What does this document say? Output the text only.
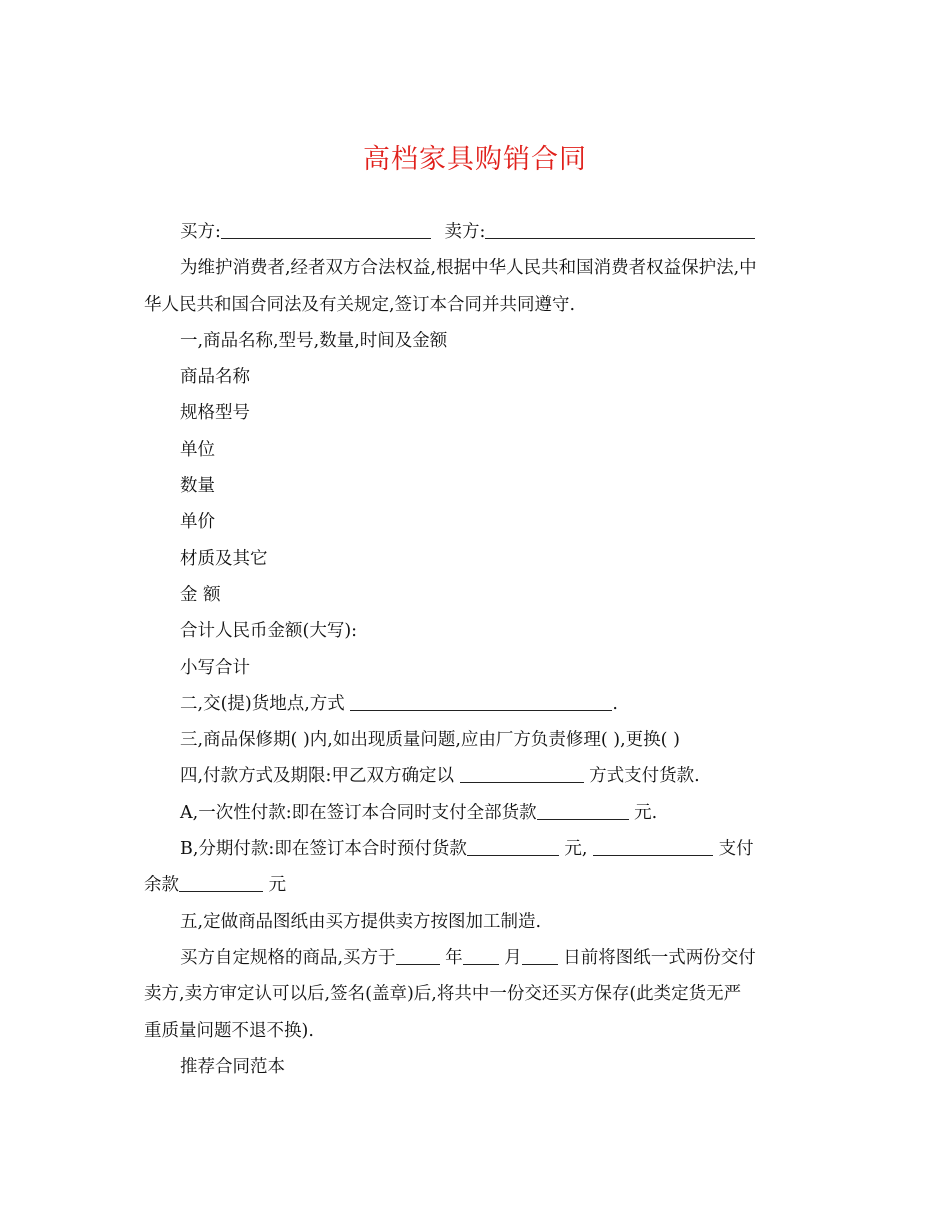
高档家具购销合同
买方:	卖方:
为维护消费者,经者双方合法权益,根据中华人民共和国消费者权益保护法,中
华人民共和国合同法及有关规定,签订本合同并共同遵守.
一,商品名称,型号,数量,时间及金额
商品名称
规格型号
单位
数量
单价
材质及其它
金 额
合计人民币金额(大写):
小写合计
二,交(提)货地点,方式	.
三,商品保修期( )内,如出现质量问题,应由厂方负责修理( ),更换( )
四,付款方式及期限:甲乙双方确定以	方式支付货款.
A,一次性付款:即在签订本合同时支付全部货款	元.
B,分期付款:即在签订本合时预付货款	元,	支付
余款	元
五,定做商品图纸由买方提供卖方按图加工制造.
买方自定规格的商品,买方于	年 月 日前将图纸一式两份交付
卖方,卖方审定认可以后,签名(盖章)后,将共中一份交还买方保存(此类定货无严
重质量问题不退不换).
推荐合同范本
